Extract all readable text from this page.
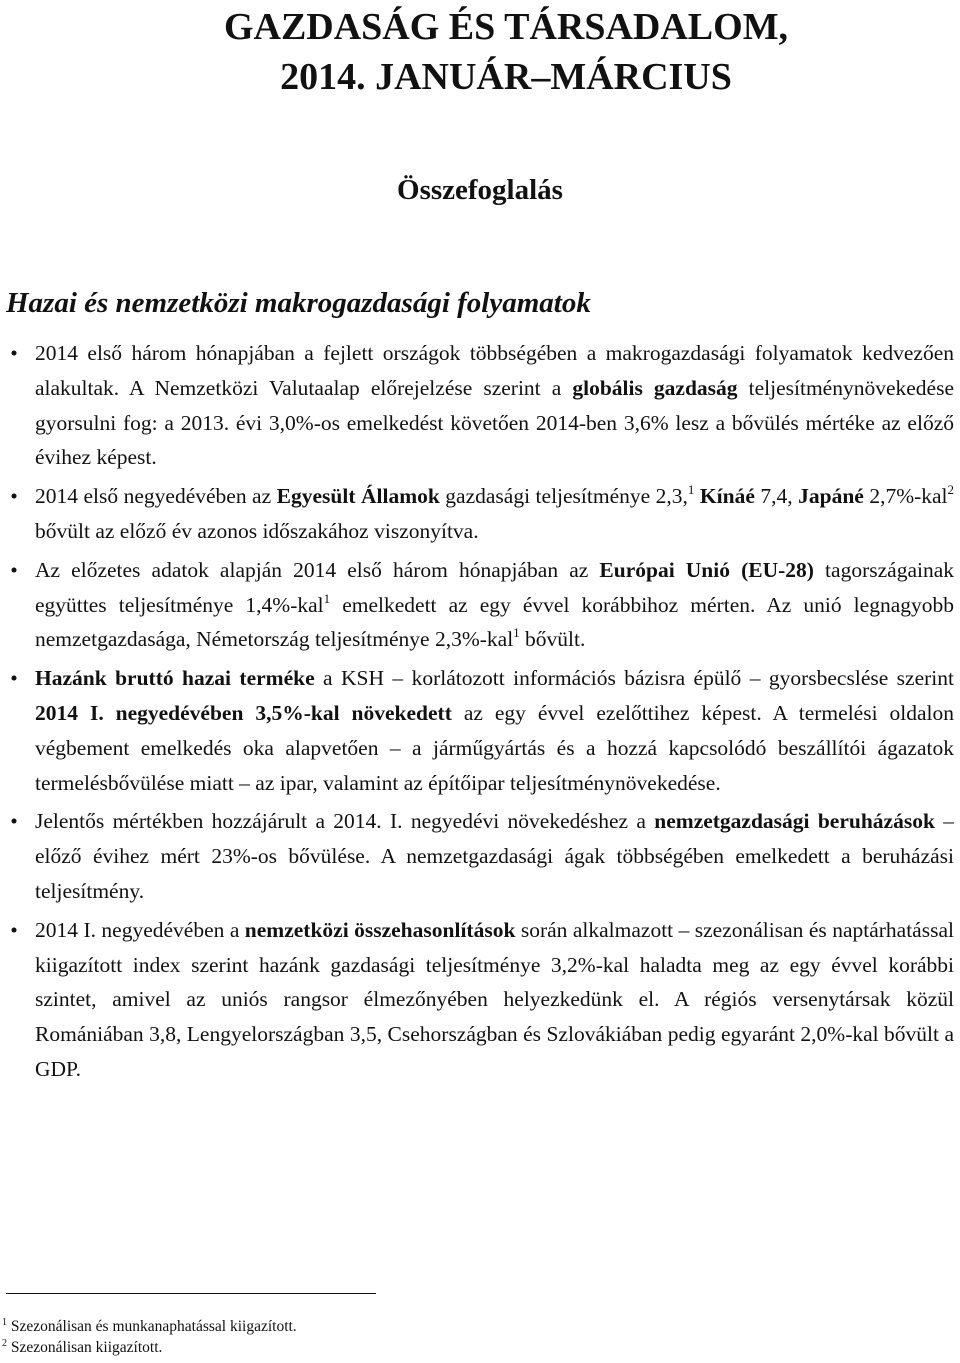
GAZDASÁG ÉS TÁRSADALOM,
2014. JANUÁR–MÁRCIUS
Összefoglalás
Hazai és nemzetközi makrogazdasági folyamatok
• 2014 első három hónapjában a fejlett országok többségében a makrogazdasági folyamatok kedvezően alakultak. A Nemzetközi Valutaalap előrejelzése szerint a globális gazdaság teljesítménynövekedése gyorsulni fog: a 2013. évi 3,0%-os emelkedést követően 2014-ben 3,6% lesz a bővülés mértéke az előző évihez képest.
• 2014 első negyedévében az Egyesült Államok gazdasági teljesítménye 2,3,$^1$ Kínáé 7,4, Japáné 2,7%-kal$^2$ bővült az előző év azonos időszakához viszonyítva.
• Az előzetes adatok alapján 2014 első három hónapjában az Európai Unió (EU-28) tagországainak együttes teljesítménye 1,4%-kal$^1$ emelkedett az egy évvel korábbihoz mérten. Az unió legnagyobb nemzetgazdasága, Németország teljesítménye 2,3%-kal$^1$ bővült.
• Hazánk bruttó hazai terméke a KSH – korlátozott információs bázisra épülő – gyorsbecslése szerint 2014 I. negyedévében 3,5%-kal növekedett az egy évvel ezelőttihez képest. A termelési oldalon végbement emelkedés oka alapvetően – a járműgyártás és a hozzá kapcsolódó beszállítói ágazatok termelésbővülése miatt – az ipar, valamint az építőipar teljesítménynövekedése.
• Jelentős mértékben hozzájárult a 2014. I. negyedévi növekedéshez a nemzetgazdasági beruházások – előző évihez mért 23%-os bővülése. A nemzetgazdasági ágak többségében emelkedett a beruházási teljesítmény.
• 2014 I. negyedévében a nemzetközi összehasonlítások során alkalmazott – szezonálisan és naptárhatással kiigazított index szerint hazánk gazdasági teljesítménye 3,2%-kal haladta meg az egy évvel korábbi szintet, amivel az uniós rangsor élmezőnyében helyezkedünk el. A régiós versenytársak közül Romániában 3,8, Lengyelországban 3,5, Csehországban és Szlovákiában pedig egyaránt 2,0%-kal bővült a GDP.
$^1$ Szezonálisan és munkanaphatással kiigazított.
$^2$ Szezonálisan kiigazított.
